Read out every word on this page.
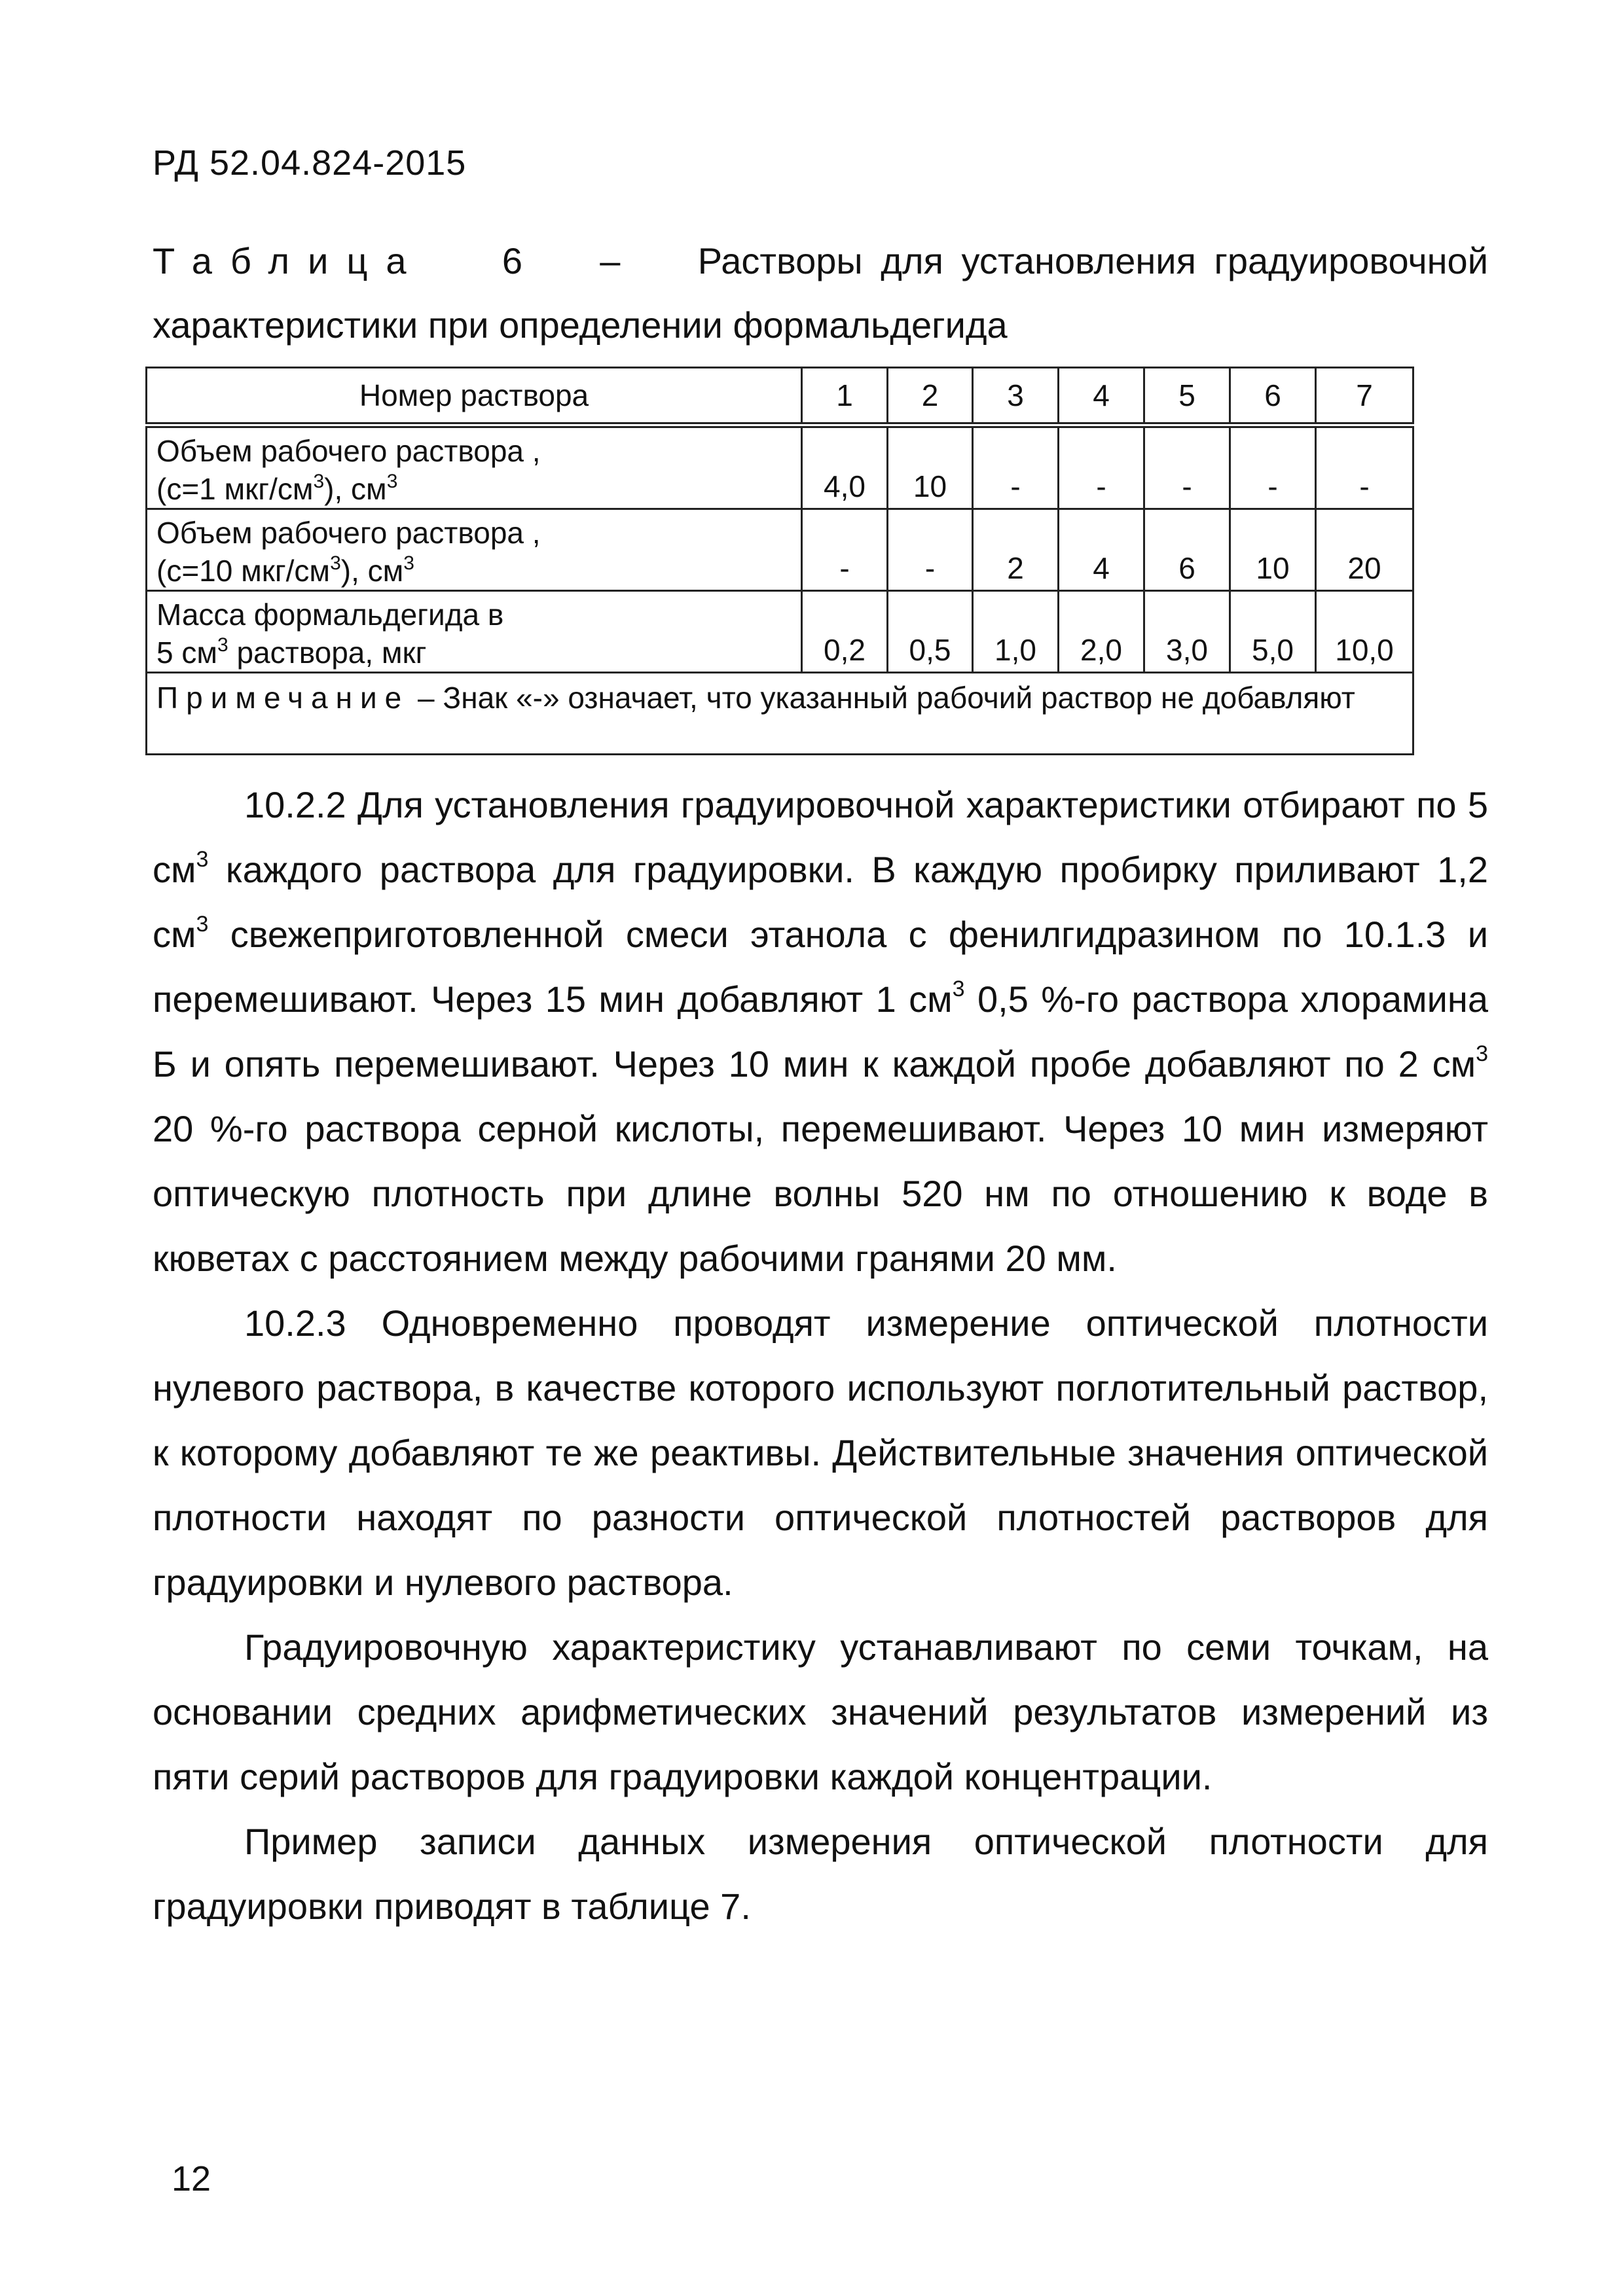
РД 52.04.824-2015
Таблица 6 – Растворы для установления градуировочной
характеристики при определении формальдегида
Номер раствора	1	2	3	4	5	6	7
Объем рабочего раствора ,
(с=1 мкг/$см^3$), $см^3$	4,0	10	-	-	-	-	-
Объем рабочего раствора ,
(с=10 мкг/$см^3$), $см^3$	-	-	2	4	6	10	20
Масса формальдегида в
5 $см^3$ раствора, мкг	0,2	0,5	1,0	2,0	3,0	5,0	10,0
Примечание – Знак «-» означает, что указанный рабочий раствор не добавляют							

10.2.2 Для установления градуировочной характеристики отбирают по 5 $см^3$ каждого раствора для градуировки. В каждую пробирку приливают 1,2 $см^3$ свежеприготовленной смеси этанола с фенилгидразином по 10.1.3 и перемешивают. Через 15 мин добавляют 1 $см^3$ 0,5 %-го раствора хлорамина Б и опять перемешивают. Через 10 мин к каждой пробе добавляют по 2 $см^3$ 20 %-го раствора серной кислоты, перемешивают. Через 10 мин измеряют оптическую плотность при длине волны 520 нм по отношению к воде в кюветах с расстоянием между рабочими гранями 20 мм.

10.2.3 Одновременно проводят измерение оптической плотности нулевого раствора, в качестве которого используют поглотительный раствор, к которому добавляют те же реактивы. Действительные значения оптической плотности находят по разности оптической плотностей растворов для градуировки и нулевого раствора.

Градуировочную характеристику устанавливают по семи точкам, на основании средних арифметических значений результатов измерений из пяти серий растворов для градуировки каждой концентрации.

Пример записи данных измерения оптической плотности для градуировки приводят в таблице 7.

12
